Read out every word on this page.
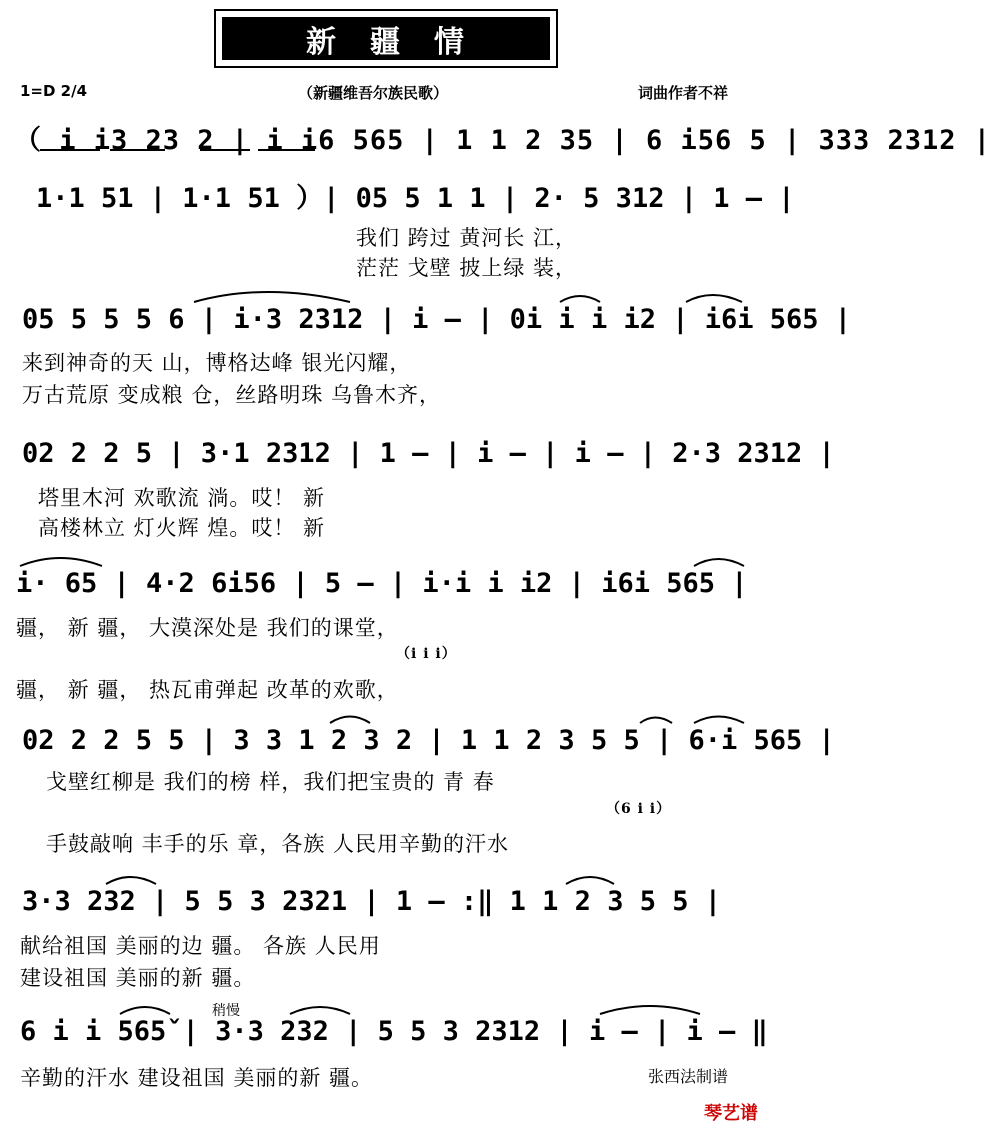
新　疆　情

1=D 2/4	（新疆维吾尔族民歌）	词曲作者不祥
（ i i3 23 2 | i i6 565 | 1 1 2 35 | 6 i56 5 | 333 2312 |
1·1 51 | 1·1 51 ）| 05 5 1 1 | 2· 5 312 | 1 — |
我们 跨过 黄河长 江，
茫茫 戈壁 披上绿 装，
05 5 5 5 6 | i·3 2312 | i — | 0i i i i2 | i6i 565 |
来到神奇的天 山，博格达峰 银光闪耀，
万古荒原 变成粮 仓，丝路明珠 乌鲁木齐，
02 2 2 5 | 3·1 2312 | 1 — | i — | i — | 2·3 2312 |
塔里木河 欢歌流 淌。哎！ 新
高楼林立 灯火辉 煌。哎！ 新
i· 65 | 4·2 6i56 | 5 — | i·i i i2 | i6i 565 |
疆， 新 疆， 大漠深处是 我们的课堂，
（i i i）
疆， 新 疆， 热瓦甫弹起 改革的欢歌，
02 2 2 5 5 | 3 3 1 2 3 2 | 1 1 2 3 5 5 | 6·i 565 |
戈壁红柳是 我们的榜 样，我们把宝贵的 青 春
（6 i i）
手鼓敲响 丰手的乐 章，各族 人民用辛勤的汗水
3·3 232 | 5 5 3 2321 | 1 — :‖ 1 1 2 3 5 5 |
献给祖国 美丽的边 疆。 各族 人民用
建设祖国 美丽的新 疆。
稍慢
6 i i 565ˇ| 3·3 232 | 5 5 3 2312 | i — | i — ‖
辛勤的汗水 建设祖国 美丽的新 疆。	张西法制谱
琴艺谱
